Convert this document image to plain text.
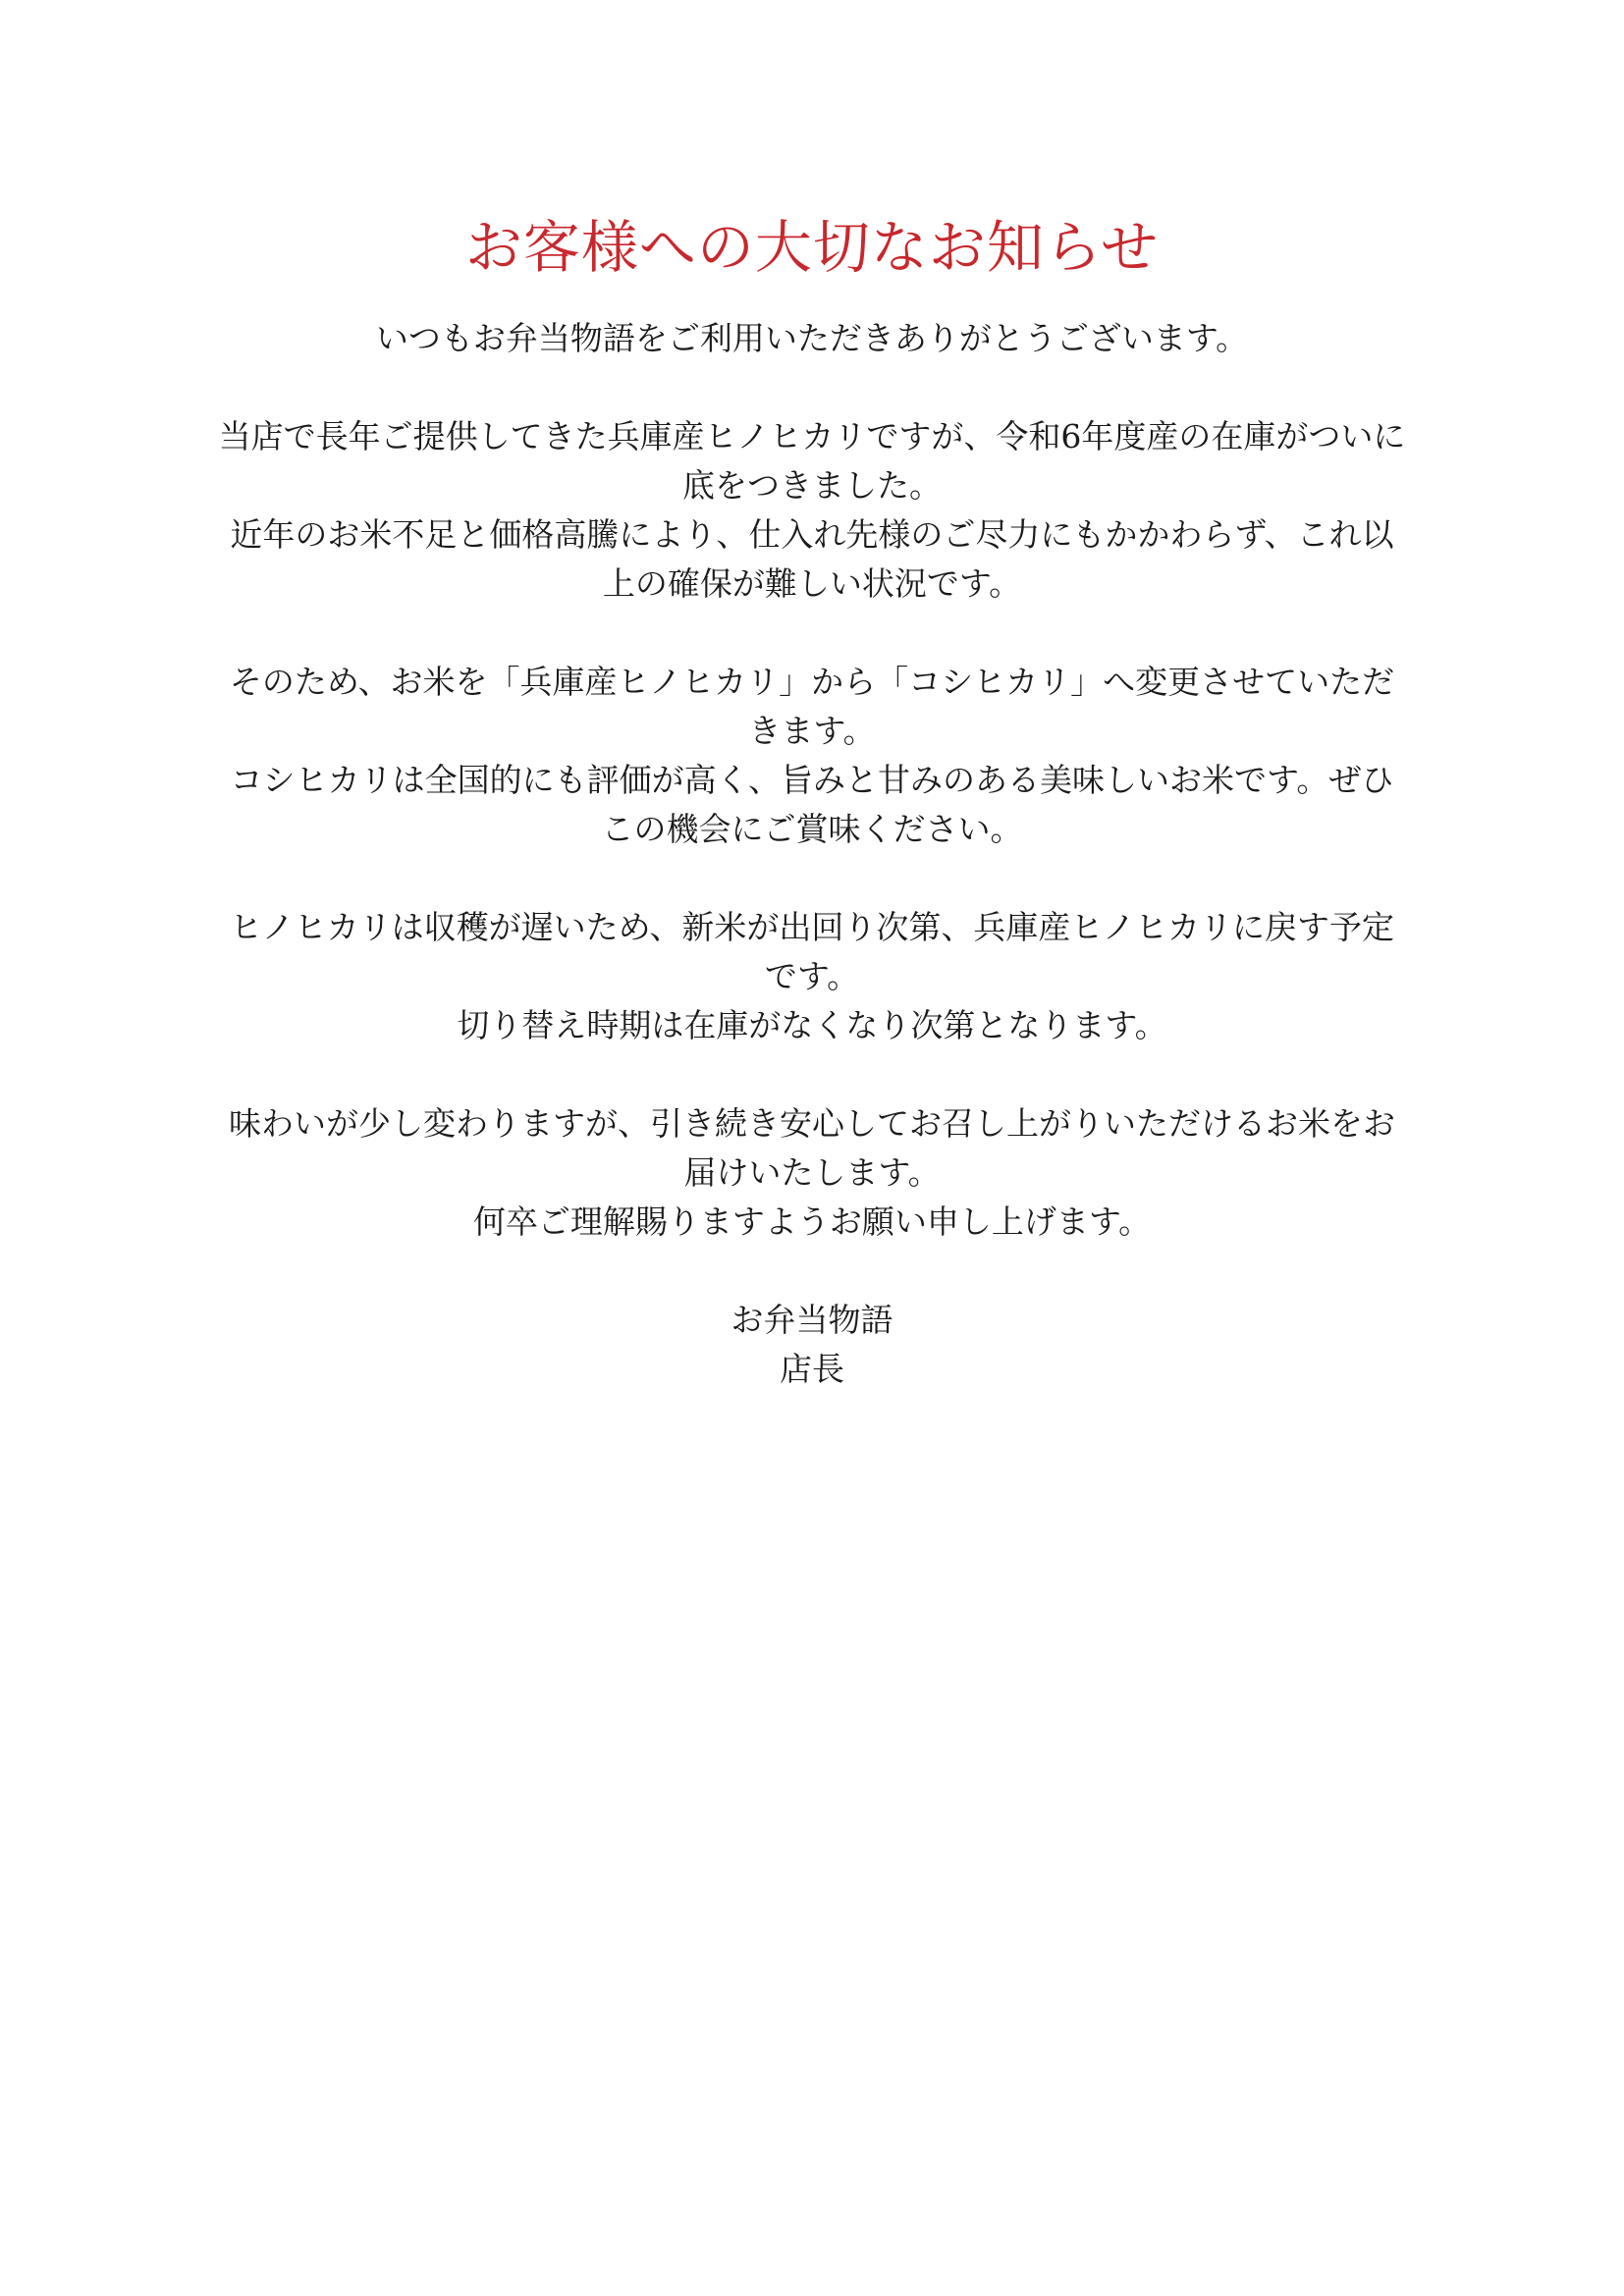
お客様への大切なお知らせ

いつもお弁当物語をご利用いただきありがとうございます。

当店で長年ご提供してきた兵庫産ヒノヒカリですが、令和6年度産の在庫がついに底をつきました。
近年のお米不足と価格高騰により、仕入れ先様のご尽力にもかかわらず、これ以上の確保が難しい状況です。

そのため、お米を「兵庫産ヒノヒカリ」から「コシヒカリ」へ変更させていただきます。
コシヒカリは全国的にも評価が高く、旨みと甘みのある美味しいお米です。ぜひこの機会にご賞味ください。

ヒノヒカリは収穫が遅いため、新米が出回り次第、兵庫産ヒノヒカリに戻す予定です。
切り替え時期は在庫がなくなり次第となります。

味わいが少し変わりますが、引き続き安心してお召し上がりいただけるお米をお届けいたします。
何卒ご理解賜りますようお願い申し上げます。

お弁当物語
店長
